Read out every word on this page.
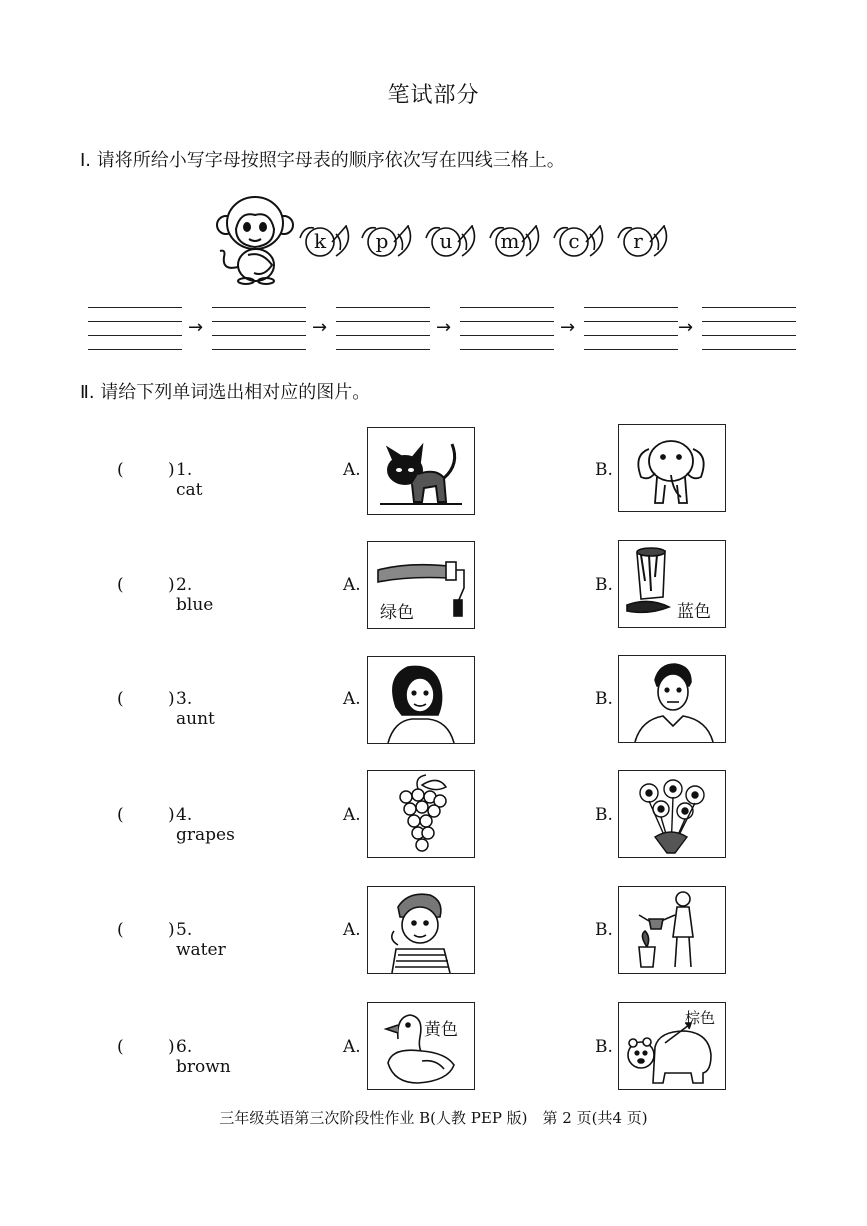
笔试部分
Ⅰ. 请将所给小写字母按照字母表的顺序依次写在四线三格上。
k	p	u	m	c	r
→	→	→	→	→
Ⅱ. 请给下列单词选出相对应的图片。
(	) 1. cat
A.	B.
(	) 2. blue
A.	B.
绿色	蓝色
(	) 3. aunt
A.	B.
(	) 4. grapes
A.	B.
(	) 5. water
A.	B.
(	) 6. brown
A.	B.
黄色
棕色
三年级英语第三次阶段性作业 B(人教 PEP 版)　第 2 页(共4 页)
